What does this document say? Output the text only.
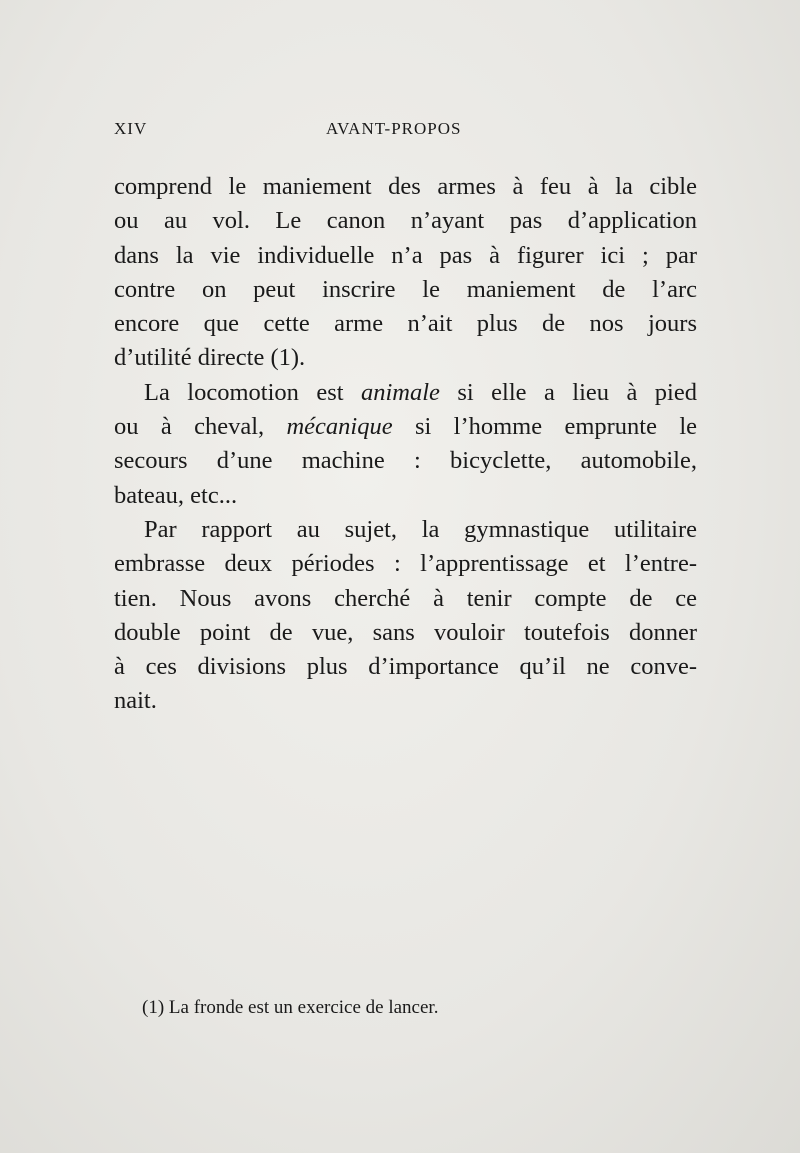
XIV	AVANT-PROPOS

comprend le maniement des armes à feu à la cible
ou au vol. Le canon n’ayant pas d’application
dans la vie individuelle n’a pas à figurer ici ; par
contre on peut inscrire le maniement de l’arc
encore que cette arme n’ait plus de nos jours
d’utilité directe (1).

La locomotion est animale si elle a lieu à pied
ou à cheval, mécanique si l’homme emprunte le
secours d’une machine : bicyclette, automobile,
bateau, etc...

Par rapport au sujet, la gymnastique utilitaire
embrasse deux périodes : l’apprentissage et l’entre-
tien. Nous avons cherché à tenir compte de ce
double point de vue, sans vouloir toutefois donner
à ces divisions plus d’importance qu’il ne conve-
nait.

(1) La fronde est un exercice de lancer.
